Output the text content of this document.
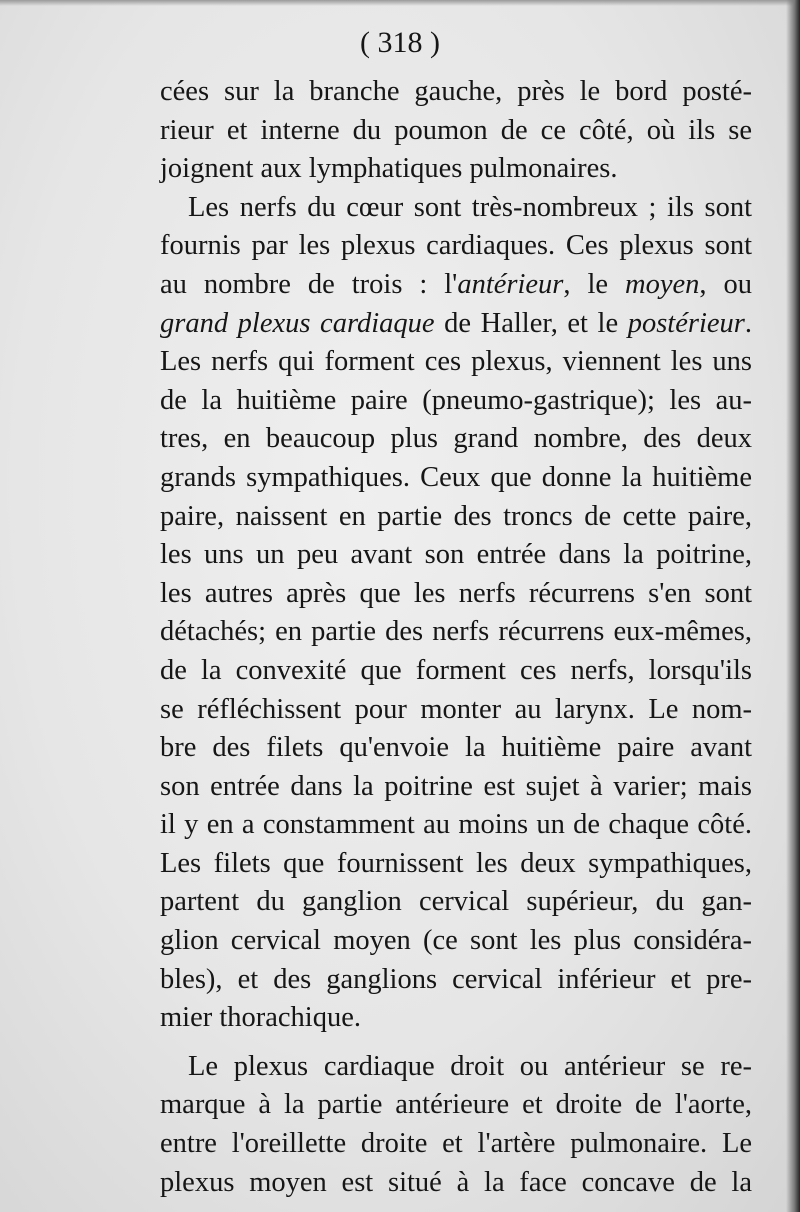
( 318 )
cées sur la branche gauche, près le bord posté-
rieur et interne du poumon de ce côté, où ils se
joignent aux lymphatiques pulmonaires.
Les nerfs du cœur sont très-nombreux ; ils sont
fournis par les plexus cardiaques. Ces plexus sont
au nombre de trois : l'antérieur, le moyen, ou
grand plexus cardiaque de Haller, et le postérieur.
Les nerfs qui forment ces plexus, viennent les uns
de la huitième paire (pneumo-gastrique); les au-
tres, en beaucoup plus grand nombre, des deux
grands sympathiques. Ceux que donne la huitième
paire, naissent en partie des troncs de cette paire,
les uns un peu avant son entrée dans la poitrine,
les autres après que les nerfs récurrens s'en sont
détachés; en partie des nerfs récurrens eux-mêmes,
de la convexité que forment ces nerfs, lorsqu'ils
se réfléchissent pour monter au larynx. Le nom-
bre des filets qu'envoie la huitième paire avant
son entrée dans la poitrine est sujet à varier; mais
il y en a constamment au moins un de chaque côté.
Les filets que fournissent les deux sympathiques,
partent du ganglion cervical supérieur, du gan-
glion cervical moyen (ce sont les plus considéra-
bles), et des ganglions cervical inférieur et pre-
mier thorachique.
Le plexus cardiaque droit ou antérieur se re-
marque à la partie antérieure et droite de l'aorte,
entre l'oreillette droite et l'artère pulmonaire. Le
plexus moyen est situé à la face concave de la
